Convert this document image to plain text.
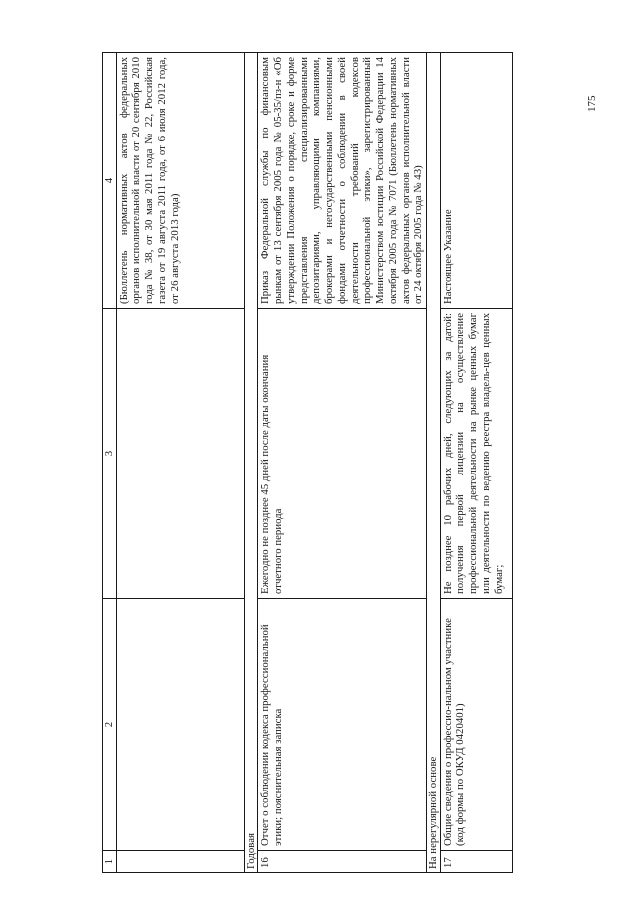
175
1	2	3	4
			(Бюллетень нормативных актов федеральных органов исполнительной власти от 20 сентября 2010 года № 38, от 30 мая 2011 года № 22, Российская газета от 19 августа 2011 года, от 6 июля 2012 года, от 26 августа 2013 года)
Годовая			
16	Отчет о соблюдении кодекса профессиональной этики; пояснительная записка	Ежегодно не позднее 45 дней после даты окончания отчетного периода	Приказ Федеральной службы по финансовым рынкам от 13 сентября 2005 года № 05-35/пз-н «Об утверждении Положения о порядке, сроке и форме представления специализированными депозитариями, управляющими компаниями, брокерами и негосударственными пенсионными фондами отчетности о соблюдении в своей деятельности требований кодексов профессиональной этики», зарегистрированный Министерством юстиции Российской Федерации 14 октября 2005 года № 7071 (Бюллетень нормативных актов федеральных органов исполнительной власти от 24 октября 2005 года № 43)
На нерегулярной основе			
17	Общие сведения о профессио-нальном участнике (код формы по ОКУД 0420401)	Не позднее 10 рабочих дней, следующих за датой: получения первой лицензии на осуществление профессиональной деятельности на рынке ценных бумаг или деятельности по ведению реестра владель-цев ценных бумаг;	Настоящее Указание
